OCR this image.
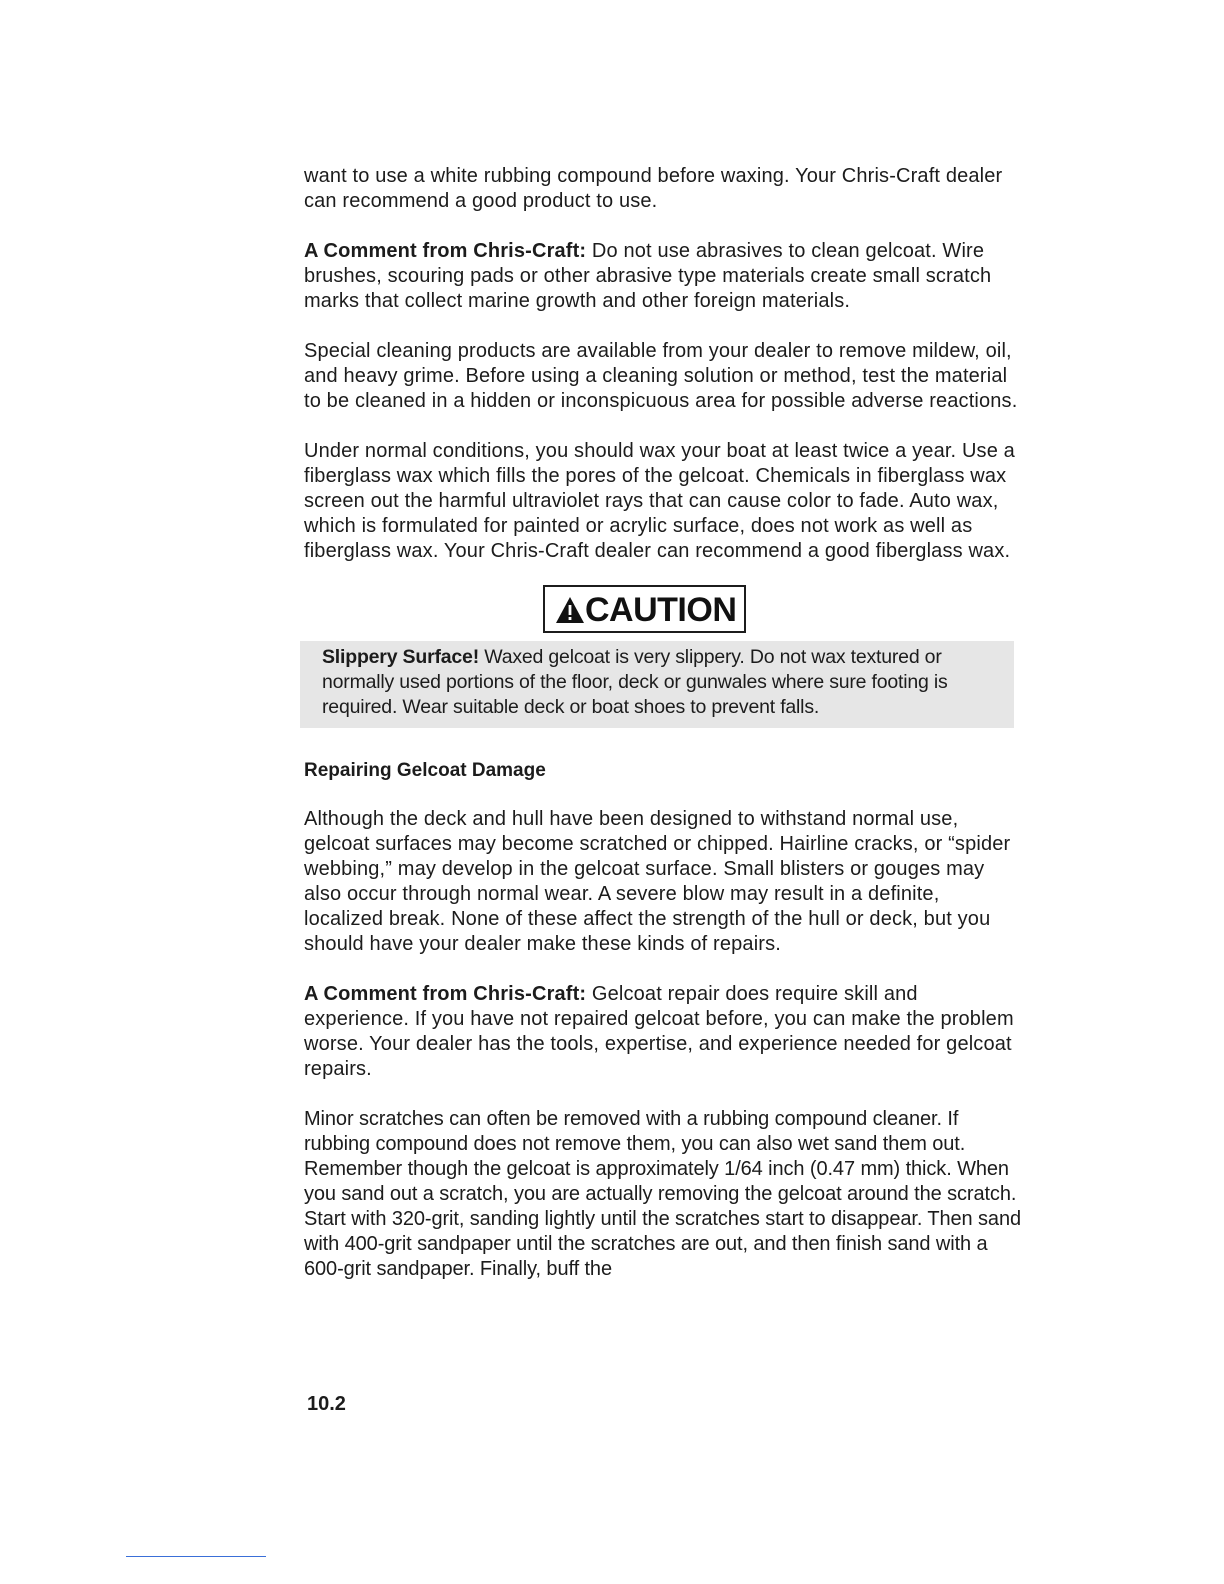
want to use a white rubbing compound before waxing. Your Chris-Craft dealer can recommend a good product to use.

A Comment from Chris-Craft: Do not use abrasives to clean gelcoat. Wire brushes, scouring pads or other abrasive type materials create small scratch marks that collect marine growth and other foreign materials.

Special cleaning products are available from your dealer to remove mildew, oil, and heavy grime. Before using a cleaning solution or method, test the material to be cleaned in a hidden or inconspicuous area for possible adverse reactions.

Under normal conditions, you should wax your boat at least twice a year. Use a fiberglass wax which fills the pores of the gelcoat. Chemicals in fiberglass wax screen out the harmful ultraviolet rays that can cause color to fade. Auto wax, which is formulated for painted or acrylic surface, does not work as well as fiberglass wax. Your Chris-Craft dealer can recommend a good fiberglass wax.

CAUTION

Slippery Surface! Waxed gelcoat is very slippery. Do not wax textured or normally used portions of the floor, deck or gunwales where sure footing is required. Wear suitable deck or boat shoes to prevent falls.

Repairing Gelcoat Damage

Although the deck and hull have been designed to withstand normal use, gelcoat surfaces may become scratched or chipped. Hairline cracks, or “spider webbing,” may develop in the gelcoat surface. Small blisters or gouges may also occur through normal wear. A severe blow may result in a definite, localized break. None of these affect the strength of the hull or deck, but you should have your dealer make these kinds of repairs.

A Comment from Chris-Craft: Gelcoat repair does require skill and experience. If you have not repaired gelcoat before, you can make the problem worse. Your dealer has the tools, expertise, and experience needed for gelcoat repairs.

Minor scratches can often be removed with a rubbing compound cleaner. If rubbing compound does not remove them, you can also wet sand them out. Remember though the gelcoat is approximately 1/64 inch (0.47 mm) thick. When you sand out a scratch, you are actually removing the gelcoat around the scratch. Start with 320-grit, sanding lightly until the scratches start to disappear. Then sand with 400-grit sandpaper until the scratches are out, and then finish sand with a 600-grit sandpaper. Finally, buff the

10.2
